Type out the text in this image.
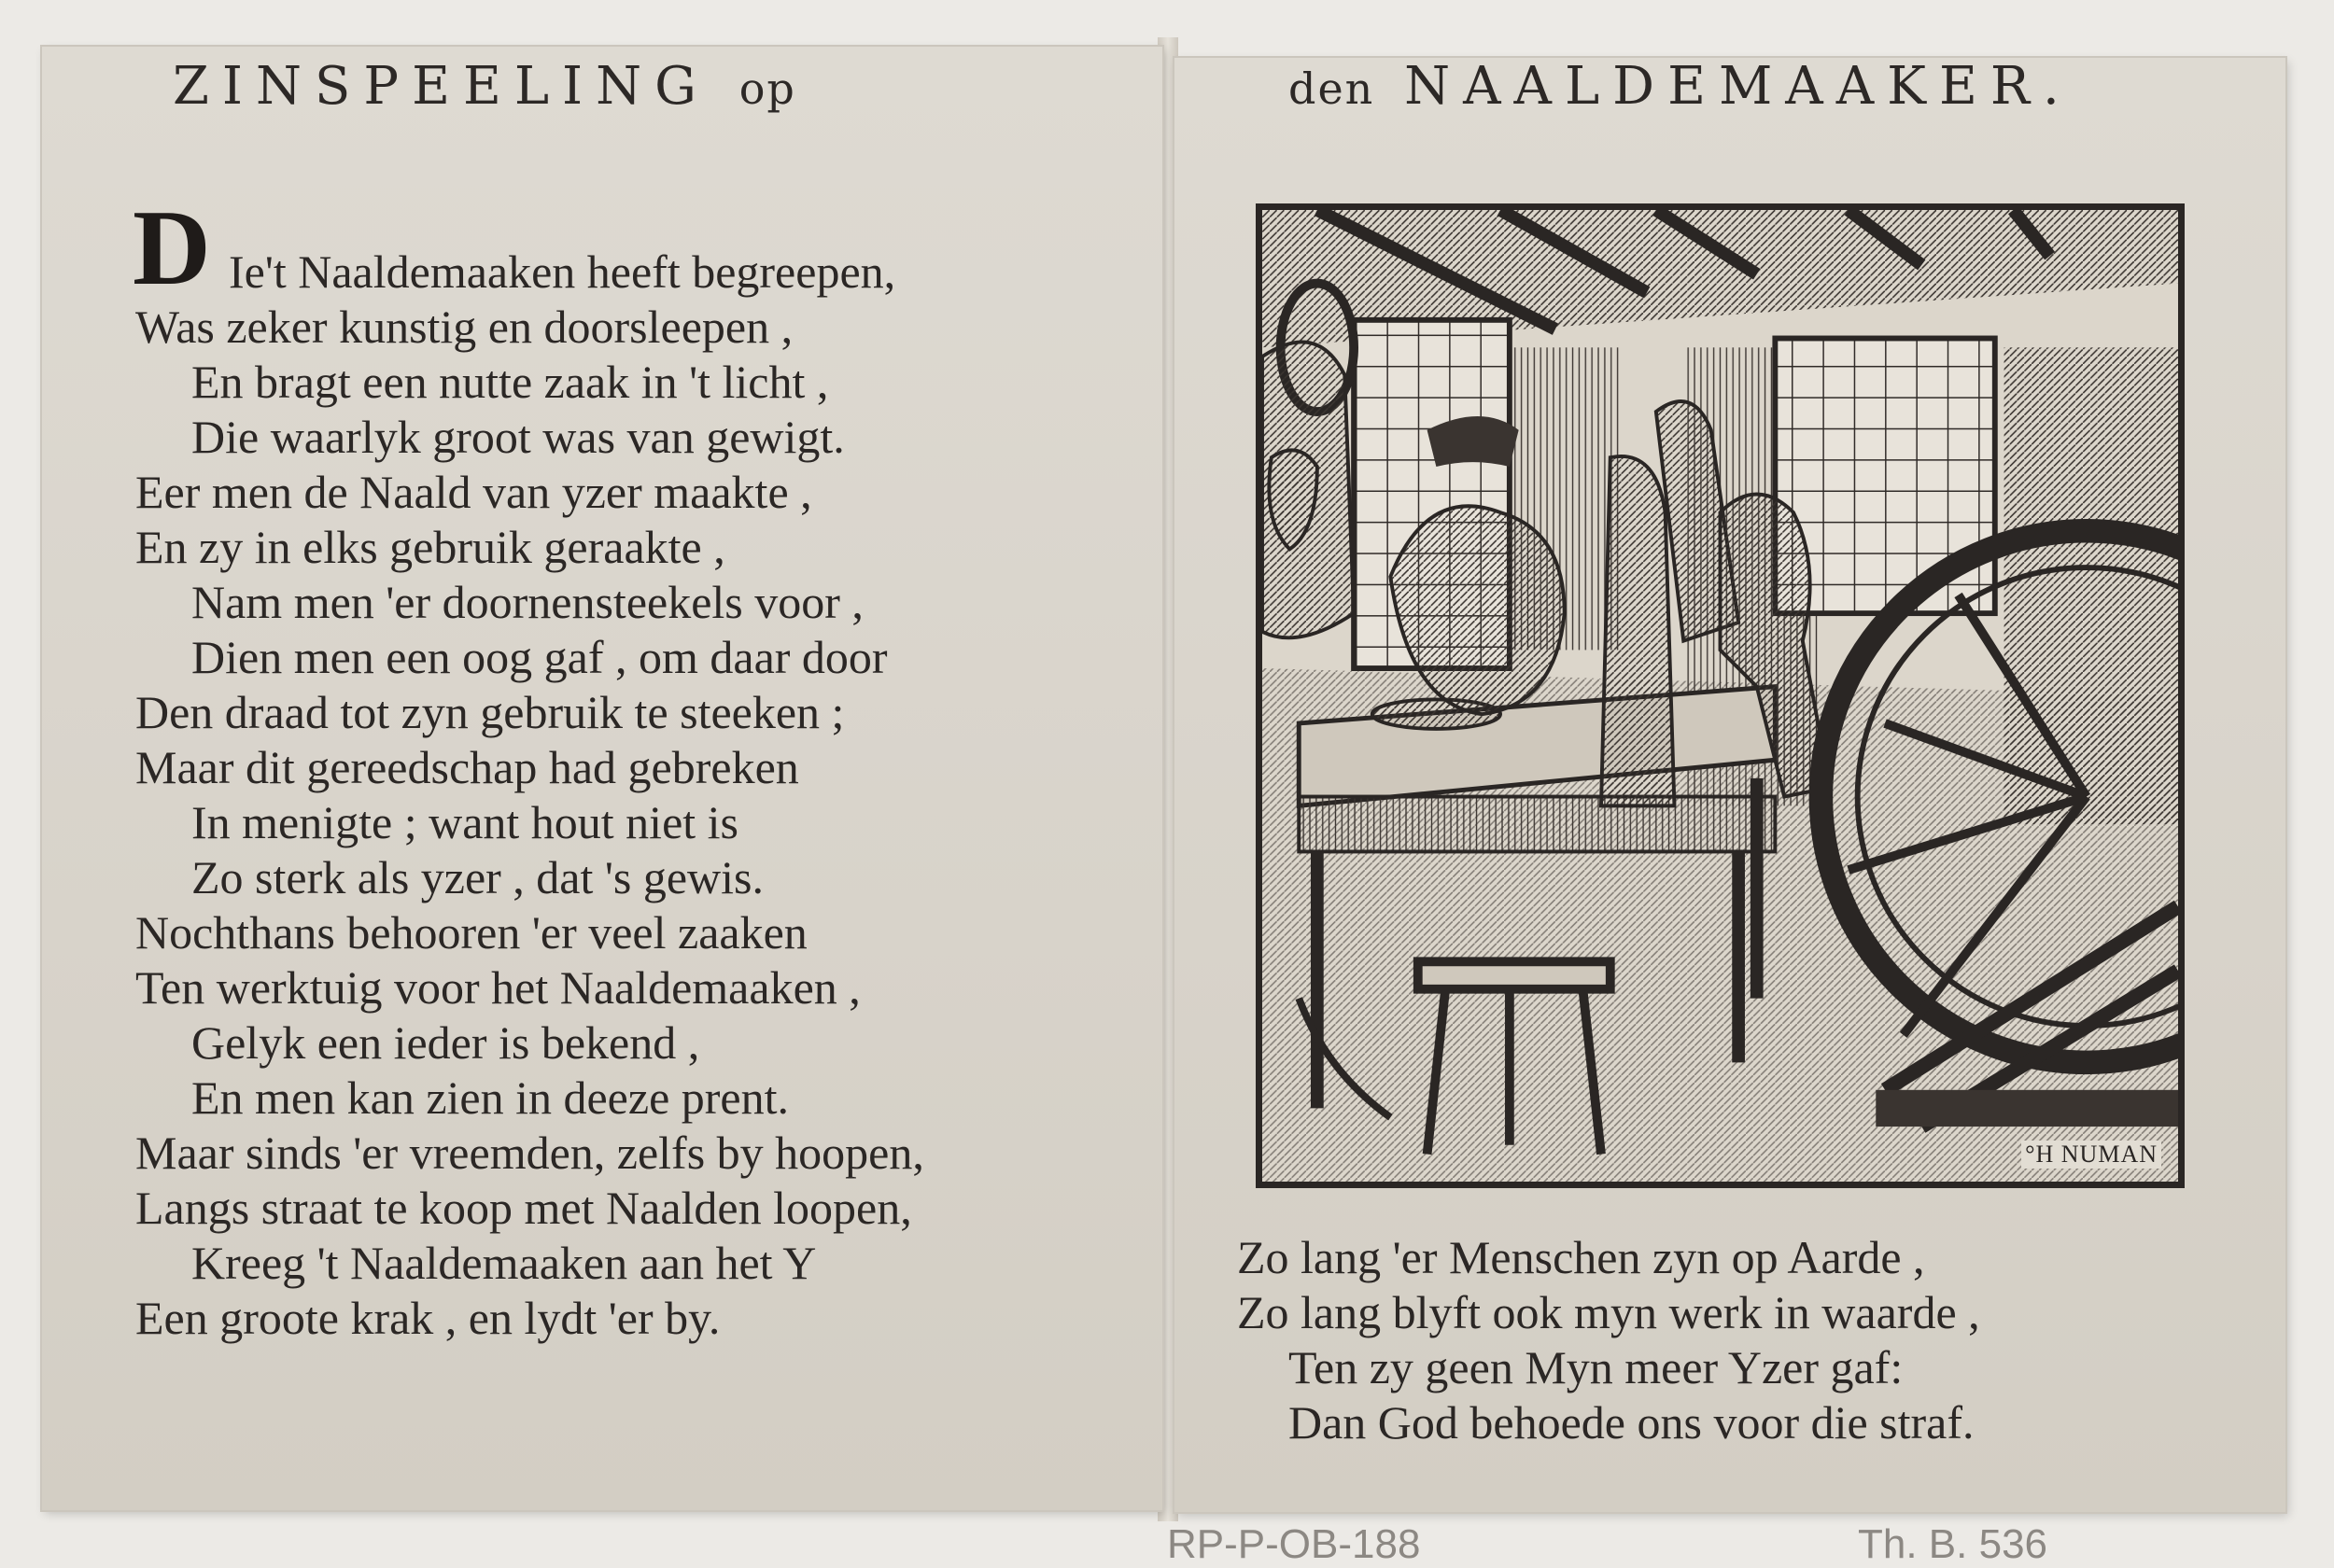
ZINSPEELING op	den NAALDEMAAKER.
D Ie't Naaldemaaken heeft begreepen,
Was zeker kunstig en doorsleepen ,
En bragt een nutte zaak in 't licht ,
Die waarlyk groot was van gewigt.
Eer men de Naald van yzer maakte ,
En zy in elks gebruik geraakte ,
Nam men 'er doornensteekels voor ,
Dien men een oog gaf , om daar door
Den draad tot zyn gebruik te steeken ;
Maar dit gereedschap had gebreken
In menigte ; want hout niet is
Zo sterk als yzer , dat 's gewis.
Nochthans behooren 'er veel zaaken
Ten werktuig voor het Naaldemaaken ,
Gelyk een ieder is bekend ,
En men kan zien in deeze prent.
Maar sinds 'er vreemden, zelfs by hoopen,
Langs straat te koop met Naalden loopen,
Kreeg 't Naaldemaaken aan het Y
Een groote krak , en lydt 'er by.
°H NUMAN
Zo lang 'er Menschen zyn op Aarde ,
Zo lang blyft ook myn werk in waarde ,
Ten zy geen Myn meer Yzer gaf:
Dan God behoede ons voor die straf.
RP-P-OB-188	Th. B. 536
